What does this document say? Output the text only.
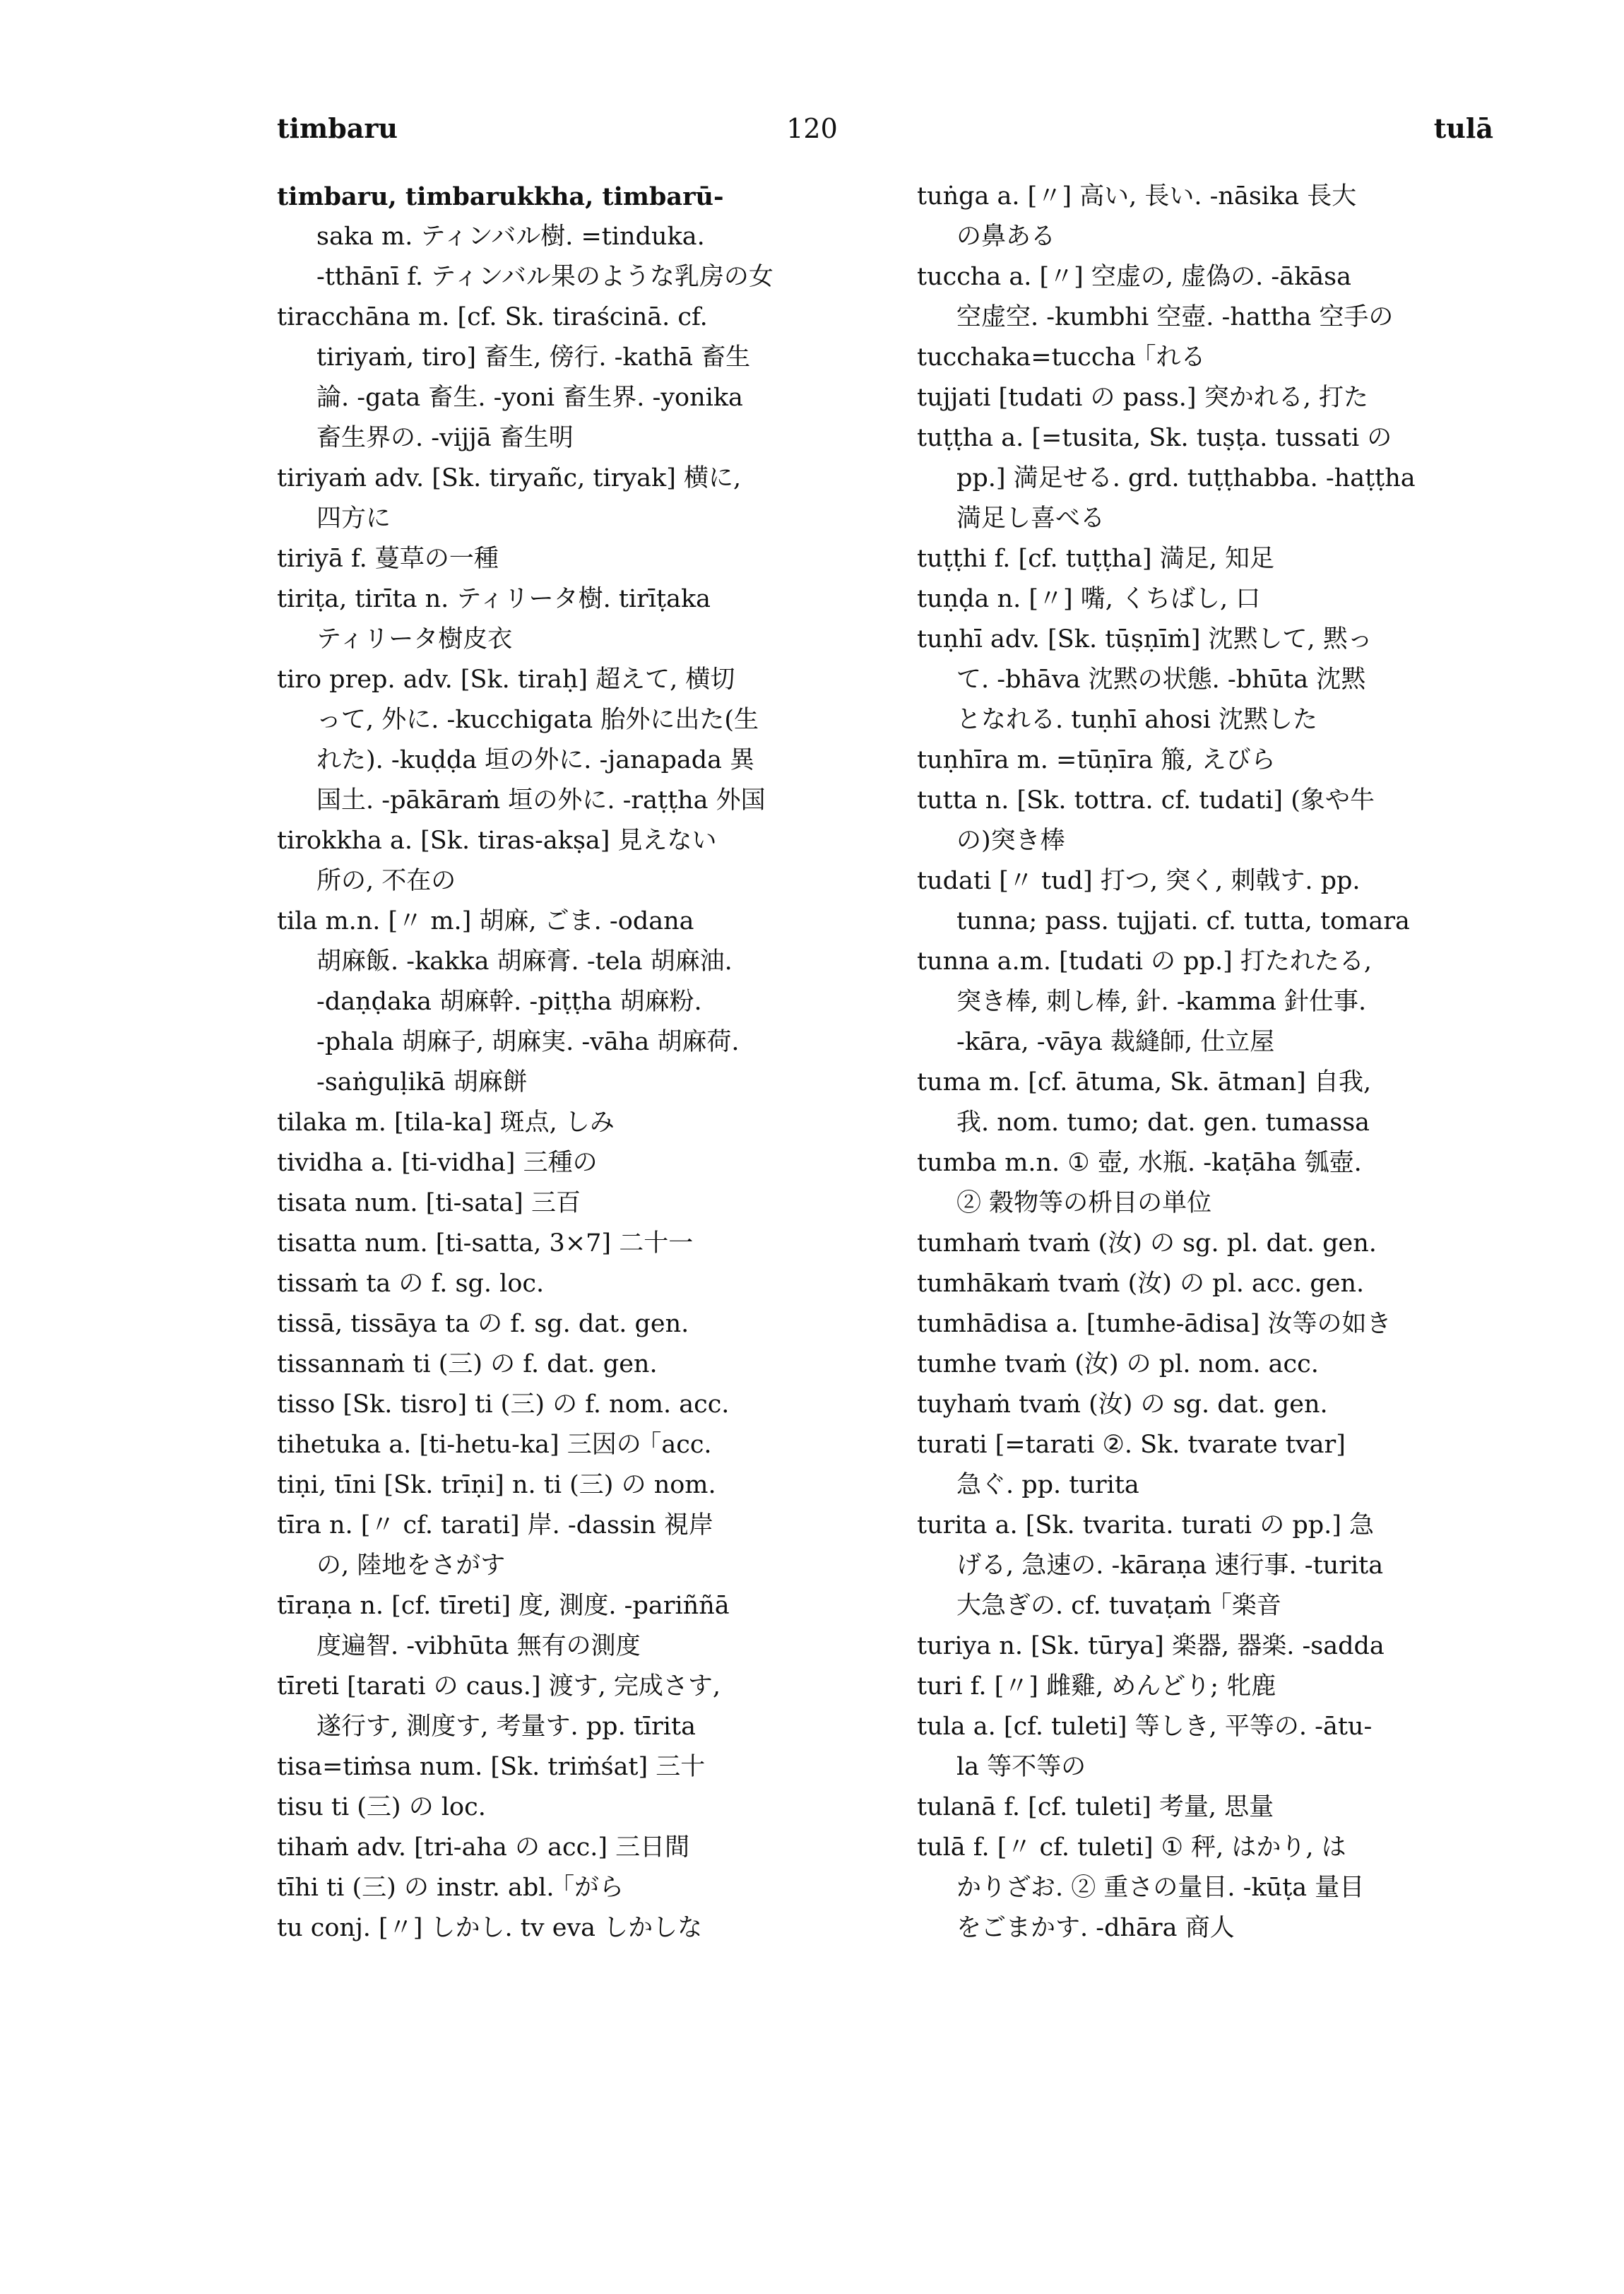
timbaru	120	tulā
timbaru, timbarukkha, timbarū-
saka m. ティンバル樹. =tinduka.
-tthānī f. ティンバル果のような乳房の女
tiracchāna m. [cf. Sk. tiraścinā. cf.
tiriyaṁ, tiro] 畜生, 傍行. -kathā 畜生
論. -gata 畜生. -yoni 畜生界. -yonika
畜生界の. -vijjā 畜生明
tiriyaṁ adv. [Sk. tiryañc, tiryak] 横に,
四方に
tiriyā f. 蔓草の一種
tiriṭa, tirīta n. ティリータ樹. tirīṭaka
ティリータ樹皮衣
tiro prep. adv. [Sk. tiraḥ] 超えて, 横切
って, 外に. -kucchigata 胎外に出た(生
れた). -kuḍḍa 垣の外に. -janapada 異
国土. -pākāraṁ 垣の外に. -raṭṭha 外国
tirokkha a. [Sk. tiras-akṣa] 見えない
所の, 不在の
tila m.n. [〃 m.] 胡麻, ごま. -odana
胡麻飯. -kakka 胡麻膏. -tela 胡麻油.
-daṇḍaka 胡麻幹. -piṭṭha 胡麻粉.
-phala 胡麻子, 胡麻実. -vāha 胡麻荷.
-saṅguḷikā 胡麻餅
tilaka m. [tila-ka] 斑点, しみ
tividha a. [ti-vidha] 三種の
tisata num. [ti-sata] 三百
tisatta num. [ti-satta, 3×7] 二十一
tissaṁ ta の f. sg. loc.
tissā, tissāya ta の f. sg. dat. gen.
tissannaṁ ti (三) の f. dat. gen.
tisso [Sk. tisro] ti (三) の f. nom. acc.
tihetuka a. [ti-hetu-ka] 三因の ｢acc.
tiṇi, tīni [Sk. trīṇi] n. ti (三) の nom.
tīra n. [〃 cf. tarati] 岸. -dassin 視岸
の, 陸地をさがす
tīraṇa n. [cf. tīreti] 度, 測度. -pariññā
度遍智. -vibhūta 無有の測度
tīreti [tarati の caus.] 渡す, 完成さす,
遂行す, 測度す, 考量す. pp. tīrita
tisa=tiṁsa num. [Sk. triṁśat] 三十
tisu ti (三) の loc.
tihaṁ adv. [tri-aha の acc.] 三日間
tīhi ti (三) の instr. abl. ｢がら
tu conj. [〃] しかし. tv eva しかしな
tuṅga a. [〃] 高い, 長い. -nāsika 長大
の鼻ある
tuccha a. [〃] 空虚の, 虚偽の. -ākāsa
空虚空. -kumbhi 空壺. -hattha 空手の
tucchaka=tuccha ｢れる
tujjati [tudati の pass.] 突かれる, 打た
tuṭṭha a. [=tusita, Sk. tuṣṭa. tussati の
pp.] 満足せる. grd. tuṭṭhabba. -haṭṭha
満足し喜べる
tuṭṭhi f. [cf. tuṭṭha] 満足, 知足
tuṇḍa n. [〃] 嘴, くちばし, 口
tuṇhī adv. [Sk. tūṣṇīṁ] 沈黙して, 黙っ
て. -bhāva 沈黙の状態. -bhūta 沈黙
となれる. tuṇhī ahosi 沈黙した
tuṇhīra m. =tūṇīra 箙, えびら
tutta n. [Sk. tottra. cf. tudati] (象や牛
の)突き棒
tudati [〃 tud] 打つ, 突く, 刺戟す. pp.
tunna; pass. tujjati. cf. tutta, tomara
tunna a.m. [tudati の pp.] 打たれたる,
突き棒, 刺し棒, 針. -kamma 針仕事.
-kāra, -vāya 裁縫師, 仕立屋
tuma m. [cf. ātuma, Sk. ātman] 自我,
我. nom. tumo; dat. gen. tumassa
tumba m.n. ① 壺, 水瓶. -kaṭāha 瓠壺.
② 穀物等の枡目の単位
tumhaṁ tvaṁ (汝) の sg. pl. dat. gen.
tumhākaṁ tvaṁ (汝) の pl. acc. gen.
tumhādisa a. [tumhe-ādisa] 汝等の如き
tumhe tvaṁ (汝) の pl. nom. acc.
tuyhaṁ tvaṁ (汝) の sg. dat. gen.
turati [=tarati ②. Sk. tvarate tvar]
急ぐ. pp. turita
turita a. [Sk. tvarita. turati の pp.] 急
げる, 急速の. -kāraṇa 速行事. -turita
大急ぎの. cf. tuvaṭaṁ ｢楽音
turiya n. [Sk. tūrya] 楽器, 器楽. -sadda
turi f. [〃] 雌雞, めんどり; 牝鹿
tula a. [cf. tuleti] 等しき, 平等の. -ātu-
la 等不等の
tulanā f. [cf. tuleti] 考量, 思量
tulā f. [〃 cf. tuleti] ① 秤, はかり, は
かりざお. ② 重さの量目. -kūṭa 量目
をごまかす. -dhāra 商人
